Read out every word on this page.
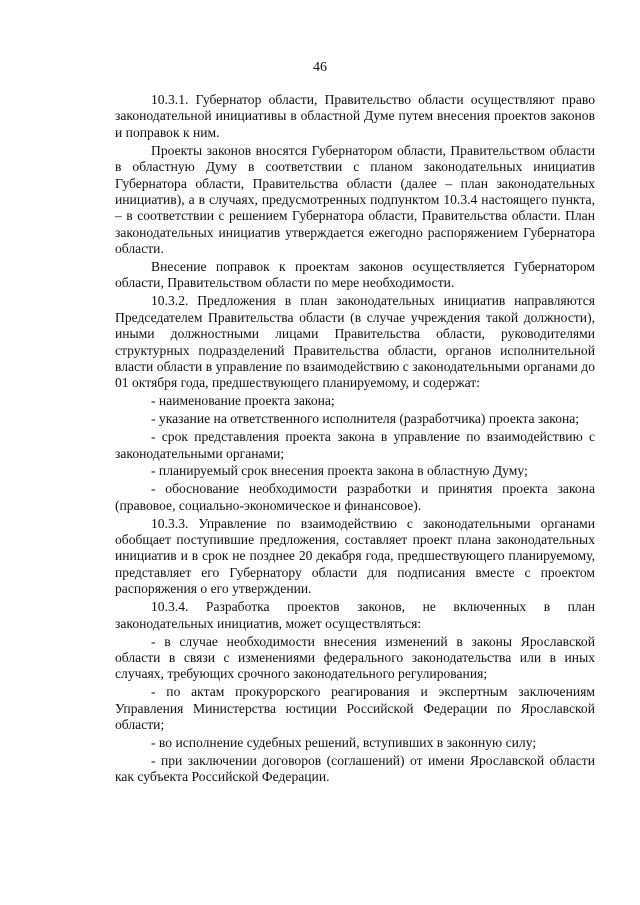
46

10.3.1. Губернатор области, Правительство области осуществляют право законодательной инициативы в областной Думе путем внесения проектов законов и поправок к ним.

Проекты законов вносятся Губернатором области, Правительством области в областную Думу в соответствии с планом законодательных инициатив Губернатора области, Правительства области (далее – план законодательных инициатив), а в случаях, предусмотренных подпунктом 10.3.4 настоящего пункта, – в соответствии с решением Губернатора области, Правительства области. План законодательных инициатив утверждается ежегодно распоряжением Губернатора области.

Внесение поправок к проектам законов осуществляется Губернатором области, Правительством области по мере необходимости.

10.3.2. Предложения в план законодательных инициатив направляются Председателем Правительства области (в случае учреждения такой должности), иными должностными лицами Правительства области, руководителями структурных подразделений Правительства области, органов исполнительной власти области в управление по взаимодействию с законодательными органами до 01 октября года, предшествующего планируемому, и содержат:

- наименование проекта закона;

- указание на ответственного исполнителя (разработчика) проекта закона;

- срок представления проекта закона в управление по взаимодействию с законодательными органами;

- планируемый срок внесения проекта закона в областную Думу;

- обоснование необходимости разработки и принятия проекта закона (правовое, социально-экономическое и финансовое).

10.3.3. Управление по взаимодействию с законодательными органами обобщает поступившие предложения, составляет проект плана законодательных инициатив и в срок не позднее 20 декабря года, предшествующего планируемому, представляет его Губернатору области для подписания вместе с проектом распоряжения о его утверждении.

10.3.4. Разработка проектов законов, не включенных в план законодательных инициатив, может осуществляться:

- в случае необходимости внесения изменений в законы Ярославской области в связи с изменениями федерального законодательства или в иных случаях, требующих срочного законодательного регулирования;

- по актам прокурорского реагирования и экспертным заключениям Управления Министерства юстиции Российской Федерации по Ярославской области;

- во исполнение судебных решений, вступивших в законную силу;

- при заключении договоров (соглашений) от имени Ярославской области как субъекта Российской Федерации.
